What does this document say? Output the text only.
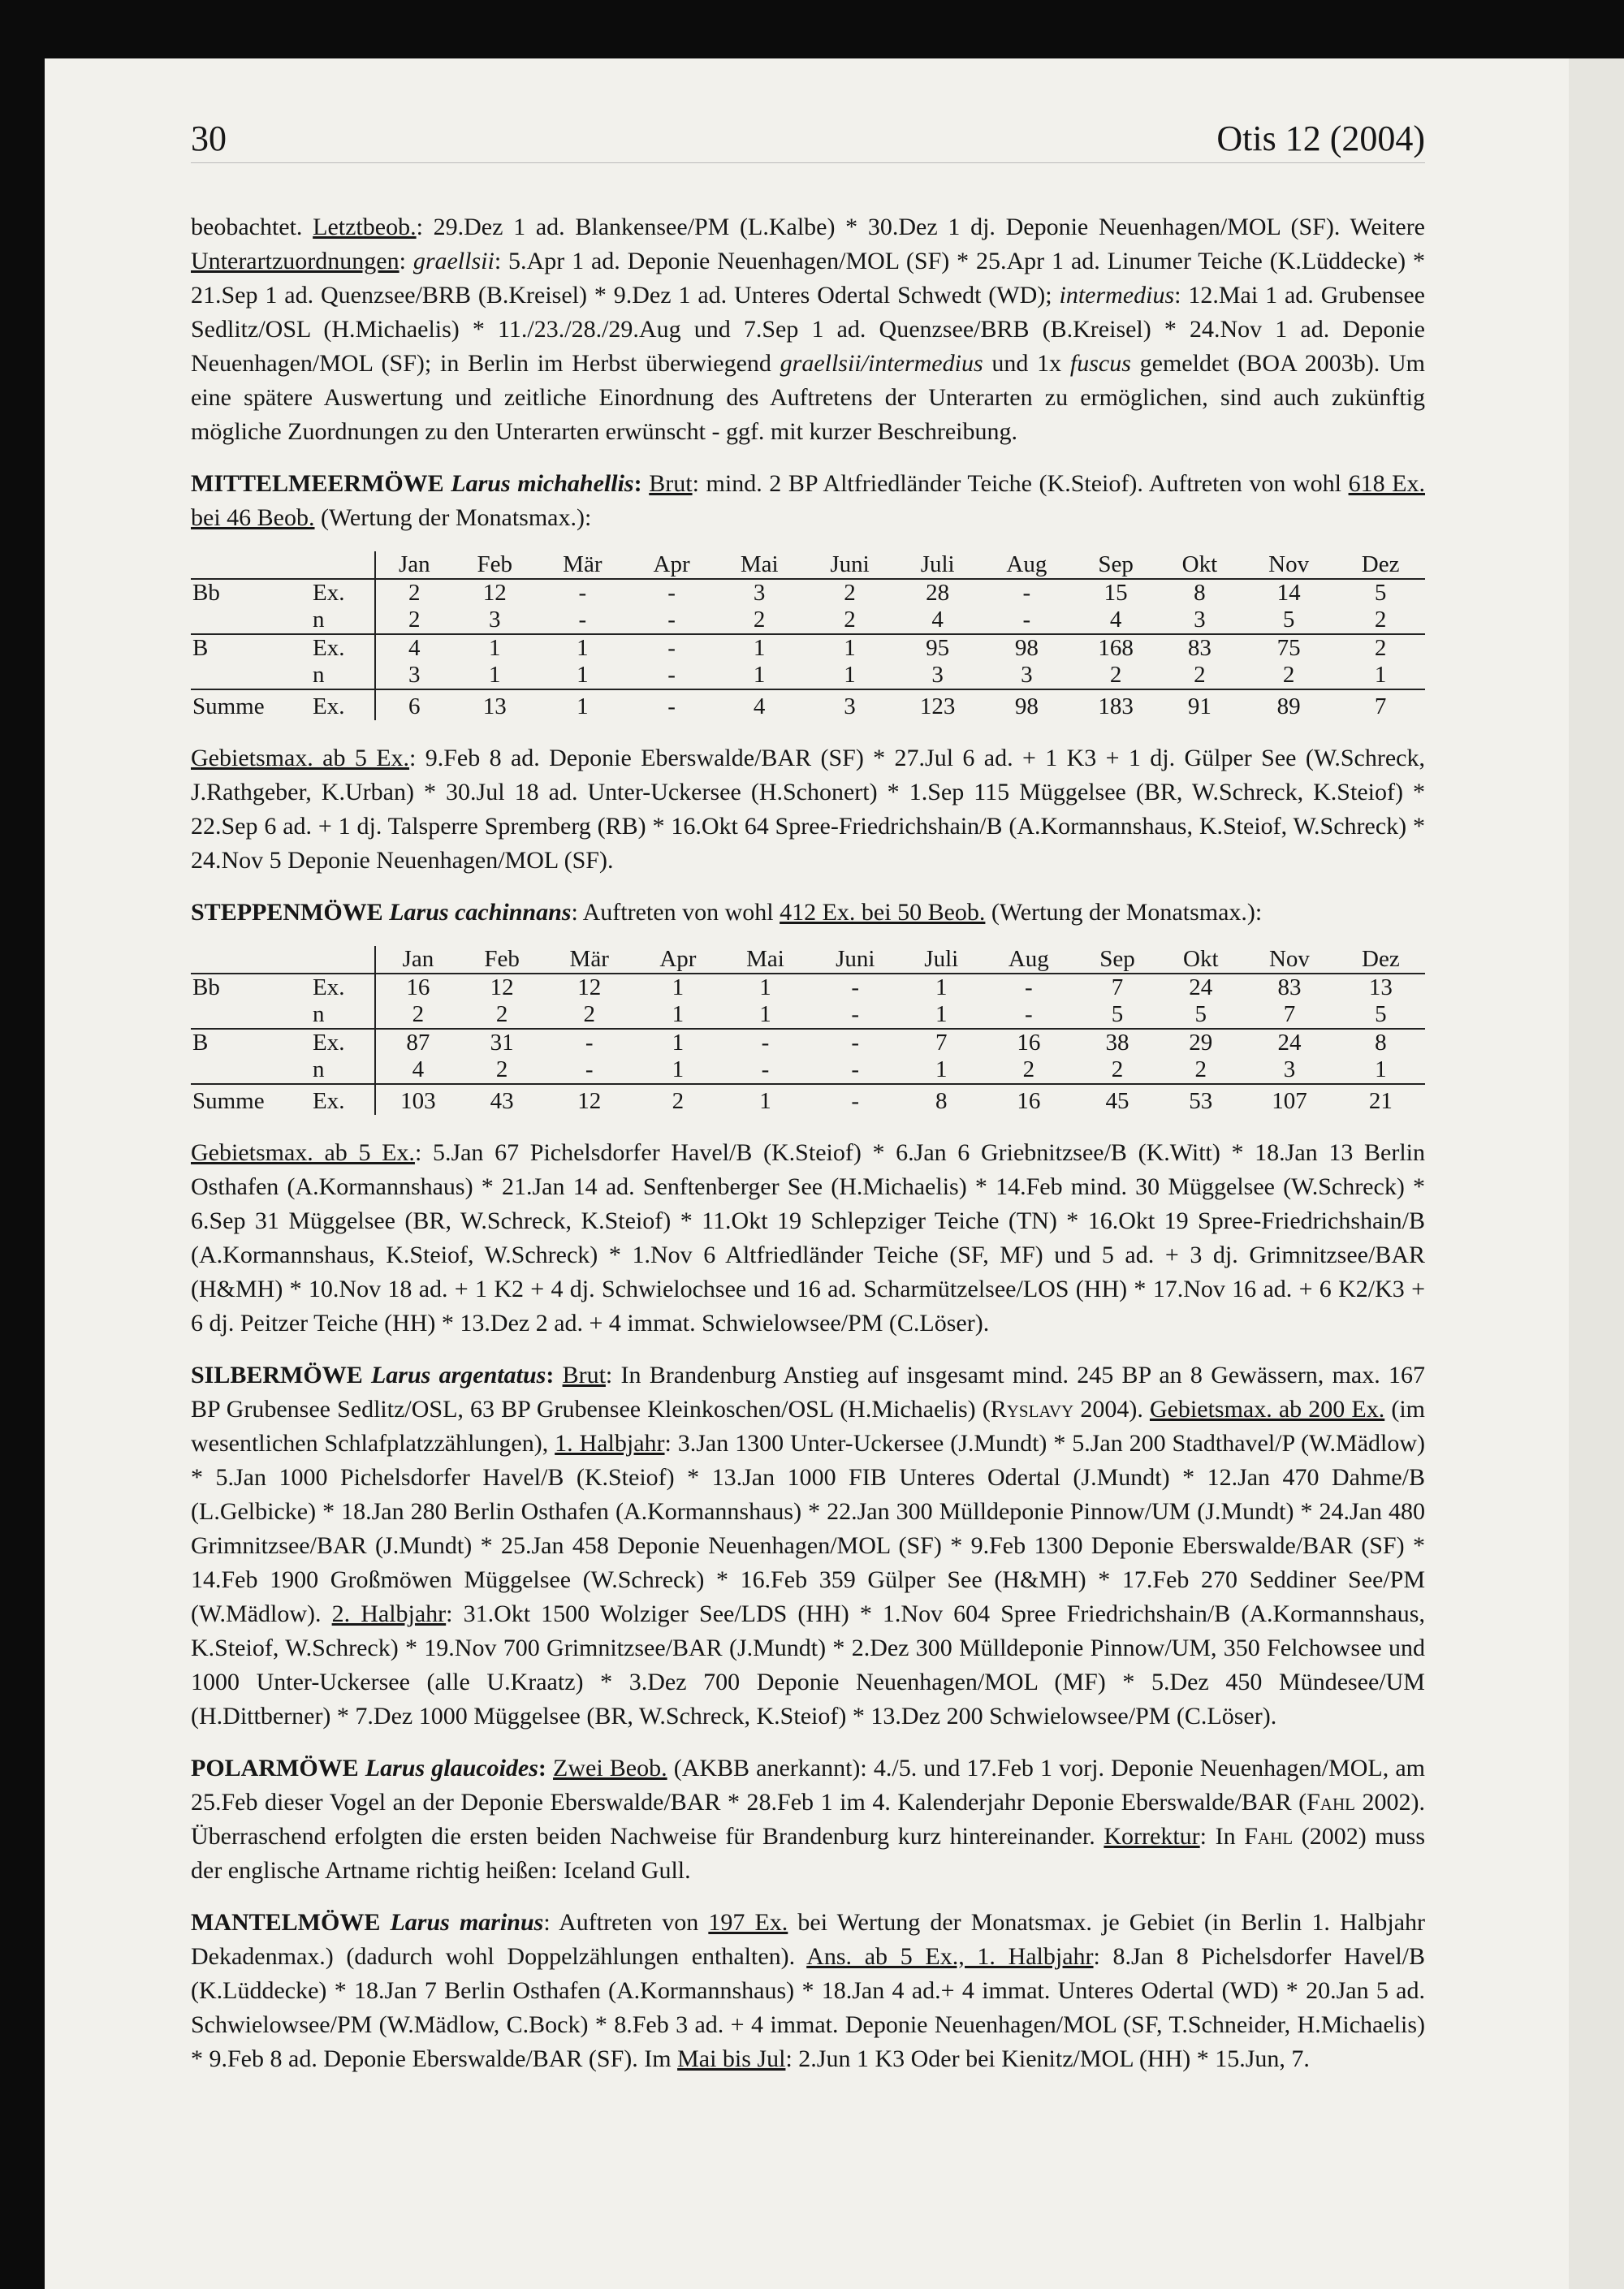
30	Otis 12 (2004)

beobachtet. Letztbeob.: 29.Dez 1 ad. Blankensee/PM (L.Kalbe) * 30.Dez 1 dj. Deponie Neuenhagen/MOL (SF). Weitere Unterartzuordnungen: graellsii: 5.Apr 1 ad. Deponie Neuenhagen/MOL (SF) * 25.Apr 1 ad. Linumer Teiche (K.Lüddecke) * 21.Sep 1 ad. Quenzsee/BRB (B.Kreisel) * 9.Dez 1 ad. Unteres Odertal Schwedt (WD); intermedius: 12.Mai 1 ad. Grubensee Sedlitz/OSL (H.Michaelis) * 11./23./28./29.Aug und 7.Sep 1 ad. Quenzsee/BRB (B.Kreisel) * 24.Nov 1 ad. Deponie Neuenhagen/MOL (SF); in Berlin im Herbst überwiegend graellsii/intermedius und 1x fuscus gemeldet (BOA 2003b). Um eine spätere Auswertung und zeitliche Einordnung des Auftretens der Unterarten zu ermöglichen, sind auch zukünftig mögliche Zuordnungen zu den Unterarten erwünscht - ggf. mit kurzer Beschreibung.

MITTELMEERMÖWE Larus michahellis: Brut: mind. 2 BP Altfriedländer Teiche (K.Steiof). Auftreten von wohl 618 Ex. bei 46 Beob. (Wertung der Monatsmax.):

		Jan	Feb	Mär	Apr	Mai	Juni	Juli	Aug	Sep	Okt	Nov	Dez
Bb	Ex.	2	12	-	-	3	2	28	-	15	8	14	5
	n	2	3	-	-	2	2	4	-	4	3	5	2
B	Ex.	4	1	1	-	1	1	95	98	168	83	75	2
	n	3	1	1	-	1	1	3	3	2	2	2	1
Summe	Ex.	6	13	1	-	4	3	123	98	183	91	89	7

Gebietsmax. ab 5 Ex.: 9.Feb 8 ad. Deponie Eberswalde/BAR (SF) * 27.Jul 6 ad. + 1 K3 + 1 dj. Gülper See (W.Schreck, J.Rathgeber, K.Urban) * 30.Jul 18 ad. Unter-Uckersee (H.Schonert) * 1.Sep 115 Müggelsee (BR, W.Schreck, K.Steiof) * 22.Sep 6 ad. + 1 dj. Talsperre Spremberg (RB) * 16.Okt 64 Spree-Friedrichshain/B (A.Kormannshaus, K.Steiof, W.Schreck) * 24.Nov 5 Deponie Neuenhagen/MOL (SF).

STEPPENMÖWE Larus cachinnans: Auftreten von wohl 412 Ex. bei 50 Beob. (Wertung der Monatsmax.):

		Jan	Feb	Mär	Apr	Mai	Juni	Juli	Aug	Sep	Okt	Nov	Dez
Bb	Ex.	16	12	12	1	1	-	1	-	7	24	83	13
	n	2	2	2	1	1	-	1	-	5	5	7	5
B	Ex.	87	31	-	1	-	-	7	16	38	29	24	8
	n	4	2	-	1	-	-	1	2	2	2	3	1
Summe	Ex.	103	43	12	2	1	-	8	16	45	53	107	21

Gebietsmax. ab 5 Ex.: 5.Jan 67 Pichelsdorfer Havel/B (K.Steiof) * 6.Jan 6 Griebnitzsee/B (K.Witt) * 18.Jan 13 Berlin Osthafen (A.Kormannshaus) * 21.Jan 14 ad. Senftenberger See (H.Michaelis) * 14.Feb mind. 30 Müggelsee (W.Schreck) * 6.Sep 31 Müggelsee (BR, W.Schreck, K.Steiof) * 11.Okt 19 Schlepziger Teiche (TN) * 16.Okt 19 Spree-Friedrichshain/B (A.Kormannshaus, K.Steiof, W.Schreck) * 1.Nov 6 Altfriedländer Teiche (SF, MF) und 5 ad. + 3 dj. Grimnitzsee/BAR (H&MH) * 10.Nov 18 ad. + 1 K2 + 4 dj. Schwielochsee und 16 ad. Scharmützelsee/LOS (HH) * 17.Nov 16 ad. + 6 K2/K3 + 6 dj. Peitzer Teiche (HH) * 13.Dez 2 ad. + 4 immat. Schwielowsee/PM (C.Löser).

SILBERMÖWE Larus argentatus: Brut: In Brandenburg Anstieg auf insgesamt mind. 245 BP an 8 Gewässern, max. 167 BP Grubensee Sedlitz/OSL, 63 BP Grubensee Kleinkoschen/OSL (H.Michaelis) (Ryslavy 2004). Gebietsmax. ab 200 Ex. (im wesentlichen Schlafplatzzählungen), 1. Halbjahr: 3.Jan 1300 Unter-Uckersee (J.Mundt) * 5.Jan 200 Stadthavel/P (W.Mädlow) * 5.Jan 1000 Pichelsdorfer Havel/B (K.Steiof) * 13.Jan 1000 FIB Unteres Odertal (J.Mundt) * 12.Jan 470 Dahme/B (L.Gelbicke) * 18.Jan 280 Berlin Osthafen (A.Kormannshaus) * 22.Jan 300 Mülldeponie Pinnow/UM (J.Mundt) * 24.Jan 480 Grimnitzsee/BAR (J.Mundt) * 25.Jan 458 Deponie Neuenhagen/MOL (SF) * 9.Feb 1300 Deponie Eberswalde/BAR (SF) * 14.Feb 1900 Großmöwen Müggelsee (W.Schreck) * 16.Feb 359 Gülper See (H&MH) * 17.Feb 270 Seddiner See/PM (W.Mädlow). 2. Halbjahr: 31.Okt 1500 Wolziger See/LDS (HH) * 1.Nov 604 Spree Friedrichshain/B (A.Kormannshaus, K.Steiof, W.Schreck) * 19.Nov 700 Grimnitzsee/BAR (J.Mundt) * 2.Dez 300 Mülldeponie Pinnow/UM, 350 Felchowsee und 1000 Unter-Uckersee (alle U.Kraatz) * 3.Dez 700 Deponie Neuenhagen/MOL (MF) * 5.Dez 450 Mündesee/UM (H.Dittberner) * 7.Dez 1000 Müggelsee (BR, W.Schreck, K.Steiof) * 13.Dez 200 Schwielowsee/PM (C.Löser).

POLARMÖWE Larus glaucoides: Zwei Beob. (AKBB anerkannt): 4./5. und 17.Feb 1 vorj. Deponie Neuenhagen/MOL, am 25.Feb dieser Vogel an der Deponie Eberswalde/BAR * 28.Feb 1 im 4. Kalenderjahr Deponie Eberswalde/BAR (Fahl 2002). Überraschend erfolgten die ersten beiden Nachweise für Brandenburg kurz hintereinander. Korrektur: In Fahl (2002) muss der englische Artname richtig heißen: Iceland Gull.

MANTELMÖWE Larus marinus: Auftreten von 197 Ex. bei Wertung der Monatsmax. je Gebiet (in Berlin 1. Halbjahr Dekadenmax.) (dadurch wohl Doppelzählungen enthalten). Ans. ab 5 Ex., 1. Halbjahr: 8.Jan 8 Pichelsdorfer Havel/B (K.Lüddecke) * 18.Jan 7 Berlin Osthafen (A.Kormannshaus) * 18.Jan 4 ad.+ 4 immat. Unteres Odertal (WD) * 20.Jan 5 ad. Schwielowsee/PM (W.Mädlow, C.Bock) * 8.Feb 3 ad. + 4 immat. Deponie Neuenhagen/MOL (SF, T.Schneider, H.Michaelis) * 9.Feb 8 ad. Deponie Eberswalde/BAR (SF). Im Mai bis Jul: 2.Jun 1 K3 Oder bei Kienitz/MOL (HH) * 15.Jun, 7.
